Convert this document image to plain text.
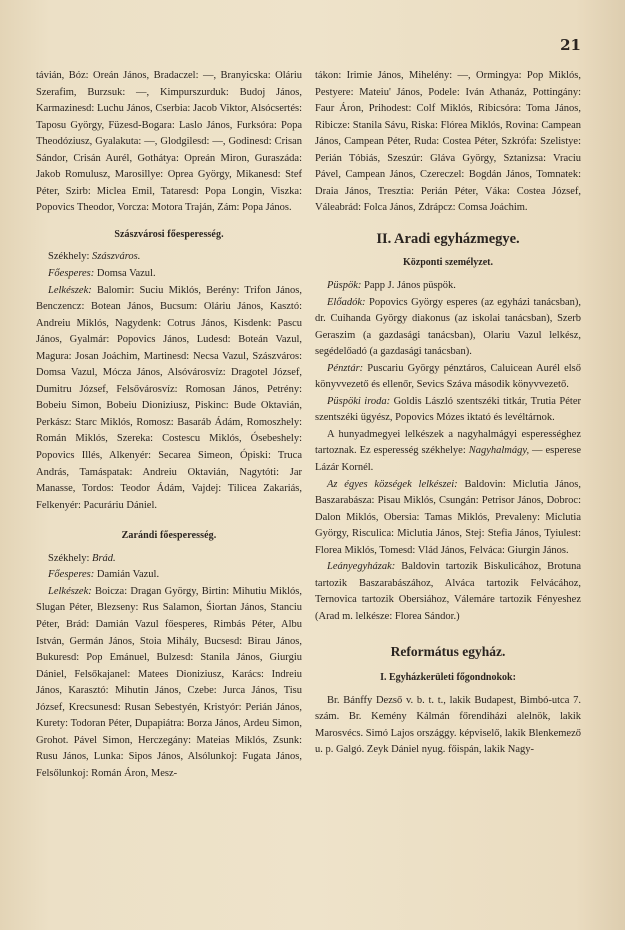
21

távián, Bóz: Oreán János, Bradaczel: —, Branyicska: Oláriu Szerafim, Burzsuk: —, Kimpurszurduk: Budoj János, Karmazinesd: Luchu János, Cserbia: Jacob Viktor, Alsócsertés: Taposu György, Füzesd-Bogara: Laslo János, Furksóra: Popa Theodóziusz, Gyalakuta: —, Glodgilesd: —, Godinesd: Crisan Sándor, Crisán Aurél, Gothátya: Opreán Miron, Guraszáda: Jakob Romulusz, Marosillye: Oprea György, Mikanesd: Stef Péter, Szirb: Miclea Emil, Tataresd: Popa Longin, Viszka: Popovics Theodor, Vorcza: Motora Traján, Zám: Popa János.

Szászvárosi főesperesség.

Székhely: Szászváros.

Főesperes: Domsa Vazul.

Lelkészek: Balomir: Suciu Miklós, Berény: Trifon János, Benczencz: Botean János, Bucsum: Oláriu János, Kasztó: Andreiu Miklós, Nagydenk: Cotrus János, Kisdenk: Pascu János, Gyalmár: Popovics János, Ludesd: Boteán Vazul, Magura: Josan Joáchim, Martinesd: Necsa Vazul, Szászváros: Domsa Vazul, Mócza János, Alsóvárosvíz: Dragotel József, Dumitru József, Felsővárosvíz: Romosan János, Petrény: Bobeiu Simon, Bobeiu Dioniziusz, Piskinc: Bude Oktavián, Perkász: Starc Miklós, Romosz: Basaráb Ádám, Romoszhely: Román Miklós, Szereka: Costescu Miklós, Ósebeshely: Popovics Illés, Alkenyér: Secarea Simeon, Ópiski: Truca András, Tamáspatak: Andreiu Oktavián, Nagytóti: Jar Manasse, Tordos: Teodor Ádám, Vajdej: Tilicea Zakariás, Felkenyér: Pacuráriu Dániel.

Zarándi főesperesség.

Székhely: Brád.

Főesperes: Damián Vazul.

Lelkészek: Boicza: Dragan György, Birtin: Mihutiu Miklós, Slugan Péter, Blezseny: Rus Salamon, Śiortan János, Stanciu Péter, Brád: Damián Vazul főesperes, Rimbás Péter, Albu István, Germán János, Stoia Mihály, Bucsesd: Birau János, Bukuresd: Pop Emánuel, Bulzesd: Stanila János, Giurgiu Dániel, Felsőkajanel: Matees Dioniziusz, Karács: Indreiu János, Karasztó: Mihutin János, Czebe: Jurca János, Tisu József, Krecsunesd: Rusan Sebestyén, Kristyór: Perián János, Kurety: Todoran Péter, Dupapiátra: Borza János, Ardeu Simon, Grohot. Pável Simon, Herczegány: Mateias Miklós, Zsunk: Rusu János, Lunka: Sipos János, Alsólunkoj: Fugata János, Felsőlunkoj: Román Áron, Mesz-

tákon: Irimie János, Mihelény: —, Ormingya: Pop Miklós, Pestyere: Mateiu' János, Podele: Iván Athanáz, Pottingány: Faur Áron, Prihodest: Colf Miklós, Ribicsóra: Toma János, Ribicze: Stanila Sávu, Riska: Flórea Miklós, Rovina: Campean János, Campean Péter, Ruda: Costea Péter, Szkrófa: Szelistye: Perián Tóbiás, Szeszúr: Gláva György, Sztanizsa: Vraciu Pável, Campean János, Czereczel: Bogdán János, Tomnatek: Draia János, Tresztia: Perián Péter, Váka: Costea József, Váleabrád: Folca János, Zdrápcz: Comsa Joáchim.

II. Aradi egyházmegye.
Központi személyzet.

Püspök: Papp J. János püspök.

Előadók: Popovics György esperes (az egyházi tanácsban), dr. Cuihanda György diakonus (az iskolai tanácsban), Szerb Geraszim (a gazdasági tanácsban), Olariu Vazul lelkész, segédelőadó (a gazdasági tanácsban).

Pénztár: Puscariu György pénztáros, Caluicean Aurél első könyvvezető és ellenőr, Sevics Száva második könyvvezető.

Püspöki iroda: Goldis László szentszéki titkár, Trutia Péter szentszéki ügyész, Popovics Mózes iktató és levéltárnok.

A hunyadmegyei lelkészek a nagyhalmágyi esperességhez tartoznak. Ez esperesség székhelye: Nagyhalmágy, — esperese Lázár Kornél.

Az égyes községek lelkészei: Baldovin: Miclutia János, Baszarabásza: Pisau Miklós, Csungán: Petrisor János, Dobroc: Dalon Miklós, Obersia: Tamas Miklós, Prevaleny: Miclutia György, Risculica: Miclutia János, Stej: Stefia János, Tyiulest: Florea Miklós, Tomesd: Vlád János, Felváca: Giurgin János.

Leányegyházak: Baldovin tartozik Biskulicához, Brotuna tartozik Baszarabászához, Alváca tartozik Felvácához, Ternovica tartozik Obersiához, Válemáre tartozik Fényeshez (Arad m. lelkésze: Florea Sándor.)

Református egyház.
I. Egyházkerületi főgondnokok:

Br. Bánffy Dezső v. b. t. t., lakik Budapest, Bimbó-utca 7. szám. Br. Kemény Kálmán főrendiházi alelnök, lakik Marosvécs. Simó Lajos országgy. képviselő, lakik Blenkemező u. p. Galgó. Zeyk Dániel nyug. főispán, lakik Nagy-
